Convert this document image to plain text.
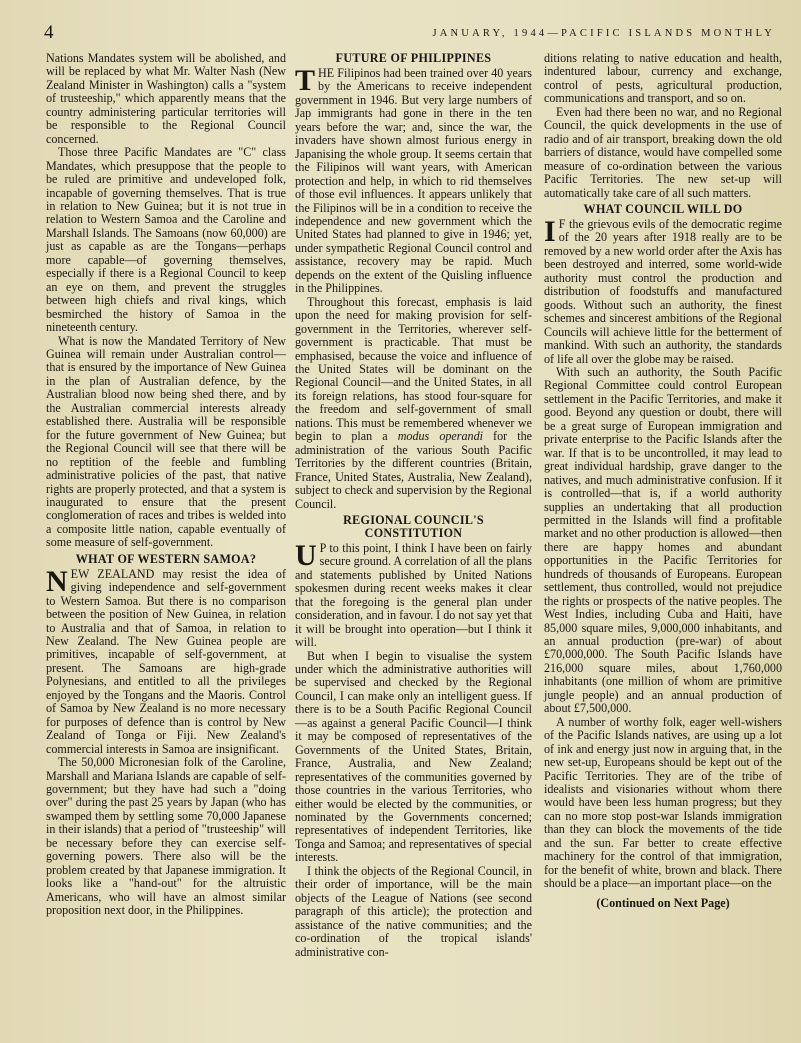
4	JANUARY, 1944—PACIFIC ISLANDS MONTHLY

Nations Mandates system will be abolished, and will be replaced by what Mr. Walter Nash (New Zealand Minister in Washington) calls a "system of trusteeship," which apparently means that the country administering particular territories will be responsible to the Regional Council concerned.

Those three Pacific Mandates are "C" class Mandates, which presuppose that the people to be ruled are primitive and undeveloped folk, incapable of governing themselves. That is true in relation to New Guinea; but it is not true in relation to Western Samoa and the Caroline and Marshall Islands. The Samoans (now 60,000) are just as capable as are the Tongans—perhaps more capable—of governing themselves, especially if there is a Regional Council to keep an eye on them, and prevent the struggles between high chiefs and rival kings, which besmirched the history of Samoa in the nineteenth century.

What is now the Mandated Territory of New Guinea will remain under Australian control—that is ensured by the importance of New Guinea in the plan of Australian defence, by the Australian blood now being shed there, and by the Australian commercial interests already established there. Australia will be responsible for the future government of New Guinea; but the Regional Council will see that there will be no reptition of the feeble and fumbling administrative policies of the past, that native rights are properly protected, and that a system is inaugurated to ensure that the present conglomeration of races and tribes is welded into a composite little nation, capable eventually of some measure of self-government.

WHAT OF WESTERN SAMOA?

NEW ZEALAND may resist the idea of giving independence and self-government to Western Samoa. But there is no comparison between the position of New Guinea, in relation to Australia and that of Samoa, in relation to New Zealand. The New Guinea people are primitives, incapable of self-government, at present. The Samoans are high-grade Polynesians, and entitled to all the privileges enjoyed by the Tongans and the Maoris. Control of Samoa by New Zealand is no more necessary for purposes of defence than is control by New Zealand of Tonga or Fiji. New Zealand's commercial interests in Samoa are insignificant.

The 50,000 Micronesian folk of the Caroline, Marshall and Mariana Islands are capable of self-government; but they have had such a "doing over" during the past 25 years by Japan (who has swamped them by settling some 70,000 Japanese in their islands) that a period of "trusteeship" will be necessary before they can exercise self-governing powers. There also will be the problem created by that Japanese immigration. It looks like a "hand-out" for the altruistic Americans, who will have an almost similar proposition next door, in the Philippines.

FUTURE OF PHILIPPINES

THE Filipinos had been trained over 40 years by the Americans to receive independent government in 1946. But very large numbers of Jap immigrants had gone in there in the ten years before the war; and, since the war, the invaders have shown almost furious energy in Japanising the whole group. It seems certain that the Filipinos will want years, with American protection and help, in which to rid themselves of those evil influences. It appears unlikely that the Filipinos will be in a condition to receive the independence and new government which the United States had planned to give in 1946; yet, under sympathetic Regional Council control and assistance, recovery may be rapid. Much depends on the extent of the Quisling influence in the Philippines.

Throughout this forecast, emphasis is laid upon the need for making provision for self-government in the Territories, wherever self-government is practicable. That must be emphasised, because the voice and influence of the United States will be dominant on the Regional Council—and the United States, in all its foreign relations, has stood four-square for the freedom and self-government of small nations. This must be remembered whenever we begin to plan a modus operandi for the administration of the various South Pacific Territories by the different countries (Britain, France, United States, Australia, New Zealand), subject to check and supervision by the Regional Council.

REGIONAL COUNCIL'S CONSTITUTION

U P to this point, I think I have been on fairly secure ground. A correlation of all the plans and statements published by United Nations spokesmen during recent weeks makes it clear that the foregoing is the general plan under consideration, and in favour. I do not say yet that it will be brought into operation—but I think it will.

But when I begin to visualise the system under which the administrative authorities will be supervised and checked by the Regional Council, I can make only an intelligent guess. If there is to be a South Pacific Regional Council—as against a general Pacific Council—I think it may be composed of representatives of the Governments of the United States, Britain, France, Australia, and New Zealand; representatives of the communities governed by those countries in the various Territories, who either would be elected by the communities, or nominated by the Governments concerned; representatives of independent Territories, like Tonga and Samoa; and representatives of special interests.

I think the objects of the Regional Council, in their order of importance, will be the main objects of the League of Nations (see second paragraph of this article); the protection and assistance of the native communities; and the co-ordination of the tropical islands' administrative con-

ditions relating to native education and health, indentured labour, currency and exchange, control of pests, agricultural production, communications and transport, and so on.

Even had there been no war, and no Regional Council, the quick developments in the use of radio and of air transport, breaking down the old barriers of distance, would have compelled some measure of co-ordination between the various Pacific Territories. The new set-up will automatically take care of all such matters.

WHAT COUNCIL WILL DO

I F the grievous evils of the democratic regime of the 20 years after 1918 really are to be removed by a new world order after the Axis has been destroyed and interred, some world-wide authority must control the production and distribution of foodstuffs and manufactured goods. Without such an authority, the finest schemes and sincerest ambitions of the Regional Councils will achieve little for the betterment of mankind. With such an authority, the standards of life all over the globe may be raised.

With such an authority, the South Pacific Regional Committee could control European settlement in the Pacific Territories, and make it good. Beyond any question or doubt, there will be a great surge of European immigration and private enterprise to the Pacific Islands after the war. If that is to be uncontrolled, it may lead to great individual hardship, grave danger to the natives, and much administrative confusion. If it is controlled—that is, if a world authority supplies an undertaking that all production permitted in the Islands will find a profitable market and no other production is allowed—then there are happy homes and abundant opportunities in the Pacific Territories for hundreds of thousands of Europeans. European settlement, thus controlled, would not prejudice the rights or prospects of the native peoples. The West Indies, including Cuba and Haiti, have 85,000 square miles, 9,000,000 inhabitants, and an annual production (pre-war) of about £70,000,000. The South Pacific Islands have 216,000 square miles, about 1,760,000 inhabitants (one million of whom are primitive jungle people) and an annual production of about £7,500,000.

A number of worthy folk, eager well-wishers of the Pacific Islands natives, are using up a lot of ink and energy just now in arguing that, in the new set-up, Europeans should be kept out of the Pacific Territories. They are of the tribe of idealists and visionaries without whom there would have been less human progress; but they can no more stop post-war Islands immigration than they can block the movements of the tide and the sun. Far better to create effective machinery for the control of that immigration, for the benefit of white, brown and black. There should be a place—an important place—on the

(Continued on Next Page)
